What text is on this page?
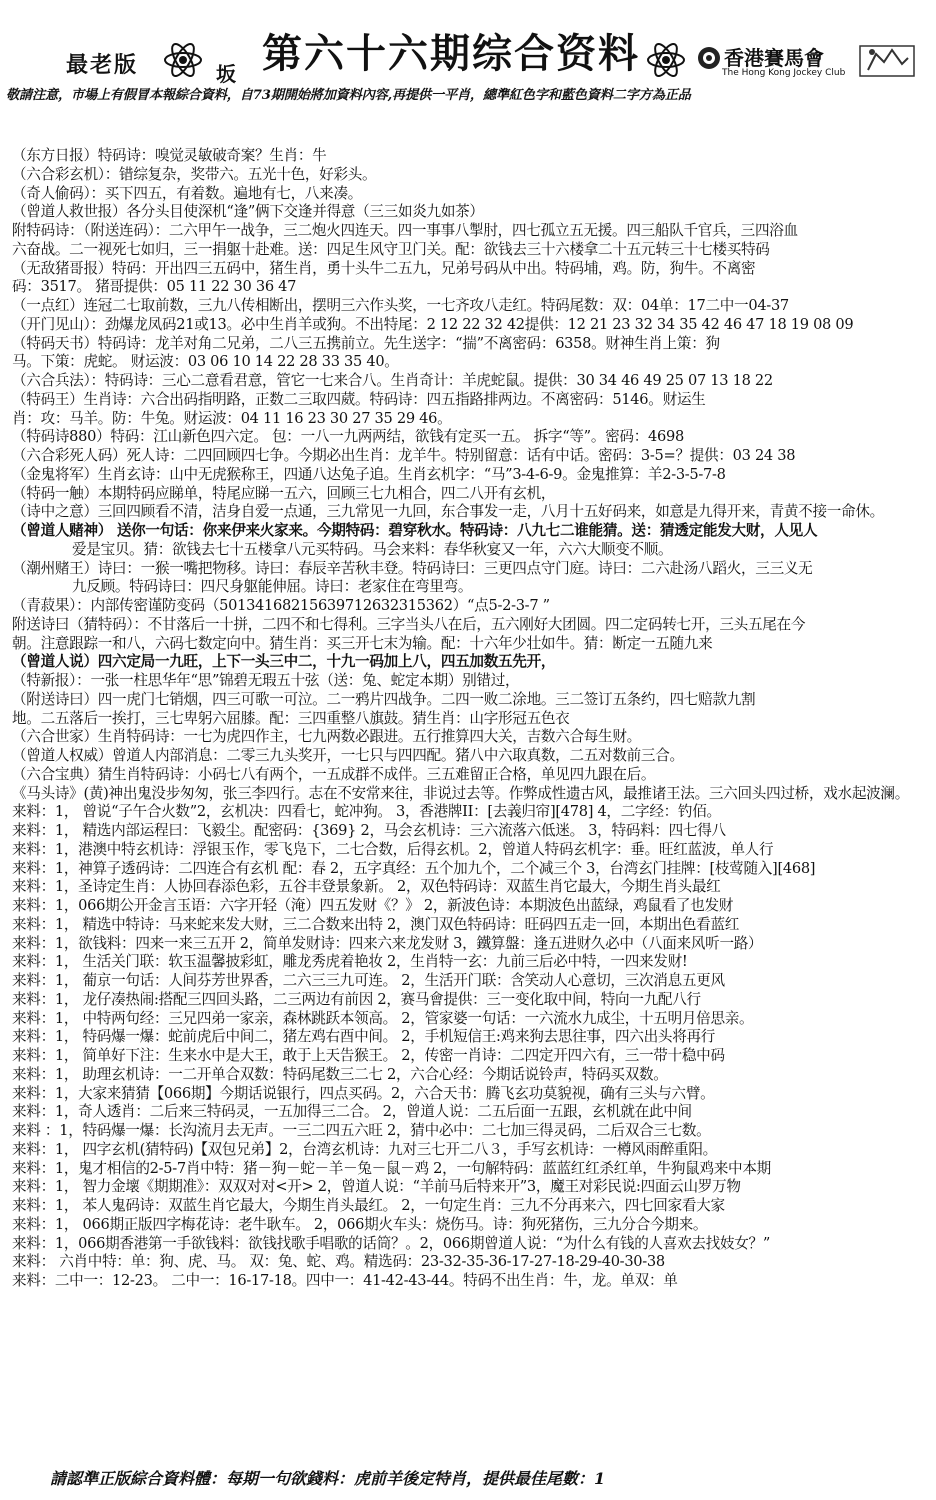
最老版	坂 第六十六期综合资料	香港賽馬會
The Hong Kong Jockey Club
敬請注意，市場上有假冒本報綜合資料，自73期開始將加資料內容,再提供一平肖，總準紅色字和藍色資料二字方為正品
（东方日报）特码诗：嗅觉灵敏破奇案？生肖：牛
（六合彩玄机）：错综复杂，奖带六。五光十色，好彩头。
（奇人偷码）：买下四五，有着数。遍地有七，八来凑。
（曾道人救世报）各分头目使深机“逢”俩下交逢并得意（三三如炎九如茶）
附特码诗：（附送连码）：二六甲午一战争，三二炮火四连天。四一事事八掣肘，四七孤立五无援。四三船队千官兵，三四浴血
六奋战。二一视死七如归，三一捐躯十赴难。送：四足生风守卫门关。配：欲钱去三十六楼拿二十五元转三十七楼买特码
（无敌猪哥报）特码：开出四三五码中，猪生肖，勇十头牛二五九，兄弟号码从中出。特码埔，鸡。防，狗牛。不离密
码：3517。 猪哥提供：05 11 22 30 36 47
（一点红）连冠二七取前数，三九八传相断出，摆明三六作头奖，一七齐攻八走红。特码尾数：双：04单：17二中一04-37
（开门见山）：劲爆龙凤码21或13。必中生肖羊或狗。不出特尾：2 12 22 32 42提供：12 21 23 32 34 35 42 46 47 18 19 08 09
（特码天书）特码诗：龙羊对角二兄弟，二八三五携前立。先生送字：“揣”不离密码：6358。财神生肖上策：狗
马。下策：虎蛇。 财运波：03 06 10 14 22 28 33 35 40。
（六合兵法）：特码诗：三心二意看君意，管它一七来合八。生肖奇计：羊虎蛇鼠。提供：30 34 46 49 25 07 13 18 22
（特码王）生肖诗：六合出码指明路，正数二三取四葳。特码诗：四五指路排两边。不离密码：5146。财运生
肖：攻：马羊。防：牛兔。财运波：04 11 16 23 30 27 35 29 46。
（特码诗880）特码：江山新色四六定。 包：一八一九两两结，欲钱有定买一五。 拆字“等”。密码：4698
（六合彩死人码）死人诗：二四回顾四七争。今期必出生肖：龙羊牛。特别留意：话有中话。密码：3-5=？提供：03 24 38
（金鬼将军）生肖玄诗：山中无虎猴称王，四通八达兔子追。生肖玄机字：“马”3-4-6-9。金鬼推算：羊2-3-5-7-8
（特码一触）本期特码应睇单，特尾应睇一五六，回顾三七九相合，四二八开有玄机，
（诗中之意）三回四顾看不清，洁身自爱一点通，三九常见一九回，东合事发一走，八月十五好码来，如意是九得开来，青黄不接一命休。
（曾道人赌神） 送你一句话：你来伊来火家来。今期特码：碧穿秋水。特码诗：八九七二谁能猜。送：猜透定能发大财，人见人
爱是宝贝。猜：欲钱去七十五楼拿八元买特码。马会来料：春华秋宴又一年，六六大顺变不顺。
（潮州赌王）诗曰：一猴一嘴把物移。诗曰：春辰辛苦秋丰登。特码诗曰：三更四点守门庭。诗曰：二六赴汤八蹈火，三三义无
九反顾。特码诗曰：四尺身躯能伸屈。诗曰：老家住在弯里弯。
（青菽果）：内部传密谨防变码（5013416821563971263231536​2）“点5-2-3-7 ”
附送诗曰（猜特码）：不甘落后一十拼，二四不和七得利。三字当头八在后，五六刚好大团圆。四二定码转七开，三头五尾在今
朝。注意跟踪一和八，六码七数定向中。猜生肖：买三开七末为输。配：十六年少壮如牛。猜：断定一五随九来
（曾道人说）四六定局一九旺，上下一头三中二，十九一码加上八，四五加数五先开，
（特新报）：一张一柱思华年“思”锦碧无瑕五十弦（送：兔、蛇定本期）别错过，
（附送诗曰）四一虎门七销烟，四三可歌一可泣。二一鸦片四战争。二四一败二涂地。三二签订五条约，四七赔款九割
地。二五落后一挨打，三七卑躬六屈膝。配：三四重整八旗鼓。猜生肖：山字形冠五色衣
（六合世家）生肖特码诗：一七为虎四作主，七九两数必跟进。五行推算四大关，吉数六合每生财。
（曾道人权威）曾道人内部消息：二零三九头奖开，一七只与四四配。猪八中六取真数，二五对数前三合。
（六合宝典）猜生肖特码诗：小码七八有两个，一五成群不成伴。三五难留正合格，单见四九跟在后。
《马头诗》(黄)神出鬼没步匆匆，张三李四行。志在不安常来往，非说过去等。作弊成性遗古风，最推诸王法。三六回头四过桥，戏水起波澜。
来料：1， 曾说“子午合火数”2，玄机决：四看七，蛇冲狗。 3，香港牌II：[去義归帘][478] 4，二字经：钓佰。
来料：1， 精选内部运程曰：飞毅尘。配密码：{369} 2，马会玄机诗：三六流落六低迷。 3，特码料：四七得八
来料：1，港澳中特玄机诗：浮银玉作，零飞凫下，二七合数，后得玄机。2，曾道人特码玄机字：垂。旺红蓝波，单人行
来料：1，神算子透码诗：二四连合有玄机 配：春 2，五字真经：五个加九个，二个减三个 3，台湾玄门挂牌：[枝莺随入][468]
来料：1，圣诗定生肖：人协回春添色彩，五谷丰登景象新。 2，双色特码诗：双蓝生肖它最大，今期生肖头最红
来料：1，066期公开金言玉语：六字开轻（淹）四五发财《？》 2，新波色诗：本期波色出蓝绿，鸡鼠看了也发财
来料：1， 精选中特诗：马来蛇来发大财，三二合数来出特 2，澳门双色特码诗：旺码四五走一回，本期出色看蓝红
来料：1，欲钱料：四来一来三五开 2，简单发财诗：四来六来龙发财 3，鐵算盤：逢五进财久必中（八面来风听一路）
来料：1， 生活关门联：软玉温馨披彩虹，雕龙秀虎着艳妆 2，生肖特一玄：九前三后必中特，一四来发财!
来料：1， 葡京一句话：人间芬芳世界香，二六三三九可连。 2，生活开门联：含笑动人心意切，三次消息五更风
来料：1， 龙仔凑热闹:搭配三四回头路，二三两边有前因 2，赛马會提供：三一变化取中间，特向一九配八行
来料：1， 中特两句经：三兄四弟一家亲，森林跳跃本领高。 2，管家婆一句话：一六流水九成尘，十五明月倍思亲。
来料：1， 特码爆一爆：蛇前虎后中间二，猪左鸡右酉中间。 2，手机短信王:鸡来狗去思往事，四六出头将再行
来料：1， 简单好下注：生来水中是大王，敢于上天告猴王。 2，传密一肖诗：二四定开四六有，三一带十稳中码
来料：1， 助理玄机诗：一二开单合双数：特码尾数三二七 2，六合心经：今期话说铃声，特码买双数。
来料：1，大家来猜猜【066期】今期话说银行，四点买码。2，六合天书：腾飞玄功莫貌视，确有三头与六臂。
来料：1，奇人透肖：二后来三特码灵，一五加得三二合。 2，曾道人说：二五后面一五跟，玄机就在此中间
来料 ：1，特码爆一爆：长沟流月去无声。一三二四五六旺 2，猜中必中：二七加三得灵码，二后双合三七数。
来料：1， 四字玄机(猜特码)【双包兄弟】2，台湾玄机诗：九对三七开二八３，手写玄机诗：一樽风雨醉重阳。
来料：1，鬼才相信的2-5-7肖中特：猪－狗－蛇－羊－兔－鼠－鸡 2，一句解特码：蓝蓝红红杀红单，牛狗鼠鸡来中本期
来料：1， 智力金壞《期期准》：双双对对<开> 2，曾道人说：“羊前马后特来开”3，魔王对彩民说:四面云山罗万物
来料：1， 苯人鬼码诗：双蓝生肖它最大，今期生肖头最红。 2，一句定生肖：三九不分再来六，四七回家看大家
来料：1， 066期正版四字梅花诗：老牛耿车。 2，066期火车头：烧伤马。诗：狗死猪伤，三九分合今期来。
来料：1，066期香港第一手欲钱料：欲钱找歌手唱歌的话筒？。2，066期曾道人说：“为什么有钱的人喜欢去找妓女？”
来料： 六肖中特：单：狗、虎、马。 双：兔、蛇、鸡。精选码：23-32-35-36-17-27-18-29-40-30-38
来料：二中一：12-23。 二中一：16-17-18。四中一：41-42-43-44。特码不出生肖：牛，龙。单双：单
請認準正版綜合資料體：每期一句欲錢料：虎前羊後定特肖，提供最佳尾數：1
